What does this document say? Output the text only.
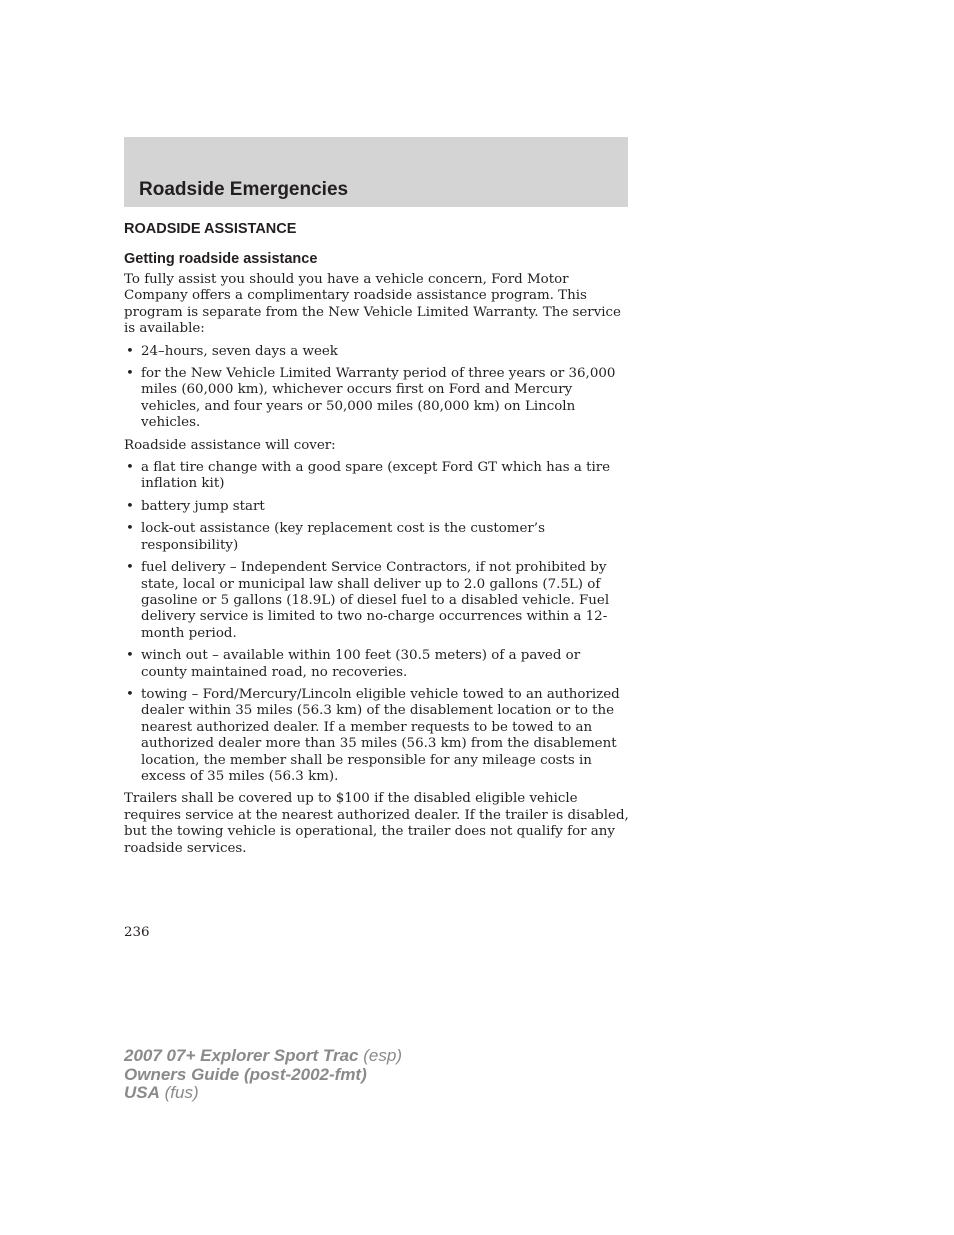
Roadside Emergencies
ROADSIDE ASSISTANCE
Getting roadside assistance

To fully assist you should you have a vehicle concern, Ford Motor Company offers a complimentary roadside assistance program. This program is separate from the New Vehicle Limited Warranty. The service is available:

• 24–hours, seven days a week
• for the New Vehicle Limited Warranty period of three years or 36,000 miles (60,000 km), whichever occurs first on Ford and Mercury vehicles, and four years or 50,000 miles (80,000 km) on Lincoln vehicles.

Roadside assistance will cover:

• a flat tire change with a good spare (except Ford GT which has a tire inflation kit)
• battery jump start
• lock-out assistance (key replacement cost is the customer’s responsibility)
• fuel delivery – Independent Service Contractors, if not prohibited by state, local or municipal law shall deliver up to 2.0 gallons (7.5L) of gasoline or 5 gallons (18.9L) of diesel fuel to a disabled vehicle. Fuel delivery service is limited to two no-charge occurrences within a 12-month period.
• winch out – available within 100 feet (30.5 meters) of a paved or county maintained road, no recoveries.
• towing – Ford/Mercury/Lincoln eligible vehicle towed to an authorized dealer within 35 miles (56.3 km) of the disablement location or to the nearest authorized dealer. If a member requests to be towed to an authorized dealer more than 35 miles (56.3 km) from the disablement location, the member shall be responsible for any mileage costs in excess of 35 miles (56.3 km).

Trailers shall be covered up to $100 if the disabled eligible vehicle requires service at the nearest authorized dealer. If the trailer is disabled, but the towing vehicle is operational, the trailer does not qualify for any roadside services.

236
2007 07+ Explorer Sport Trac (esp)
Owners Guide (post-2002-fmt)
USA (fus)
